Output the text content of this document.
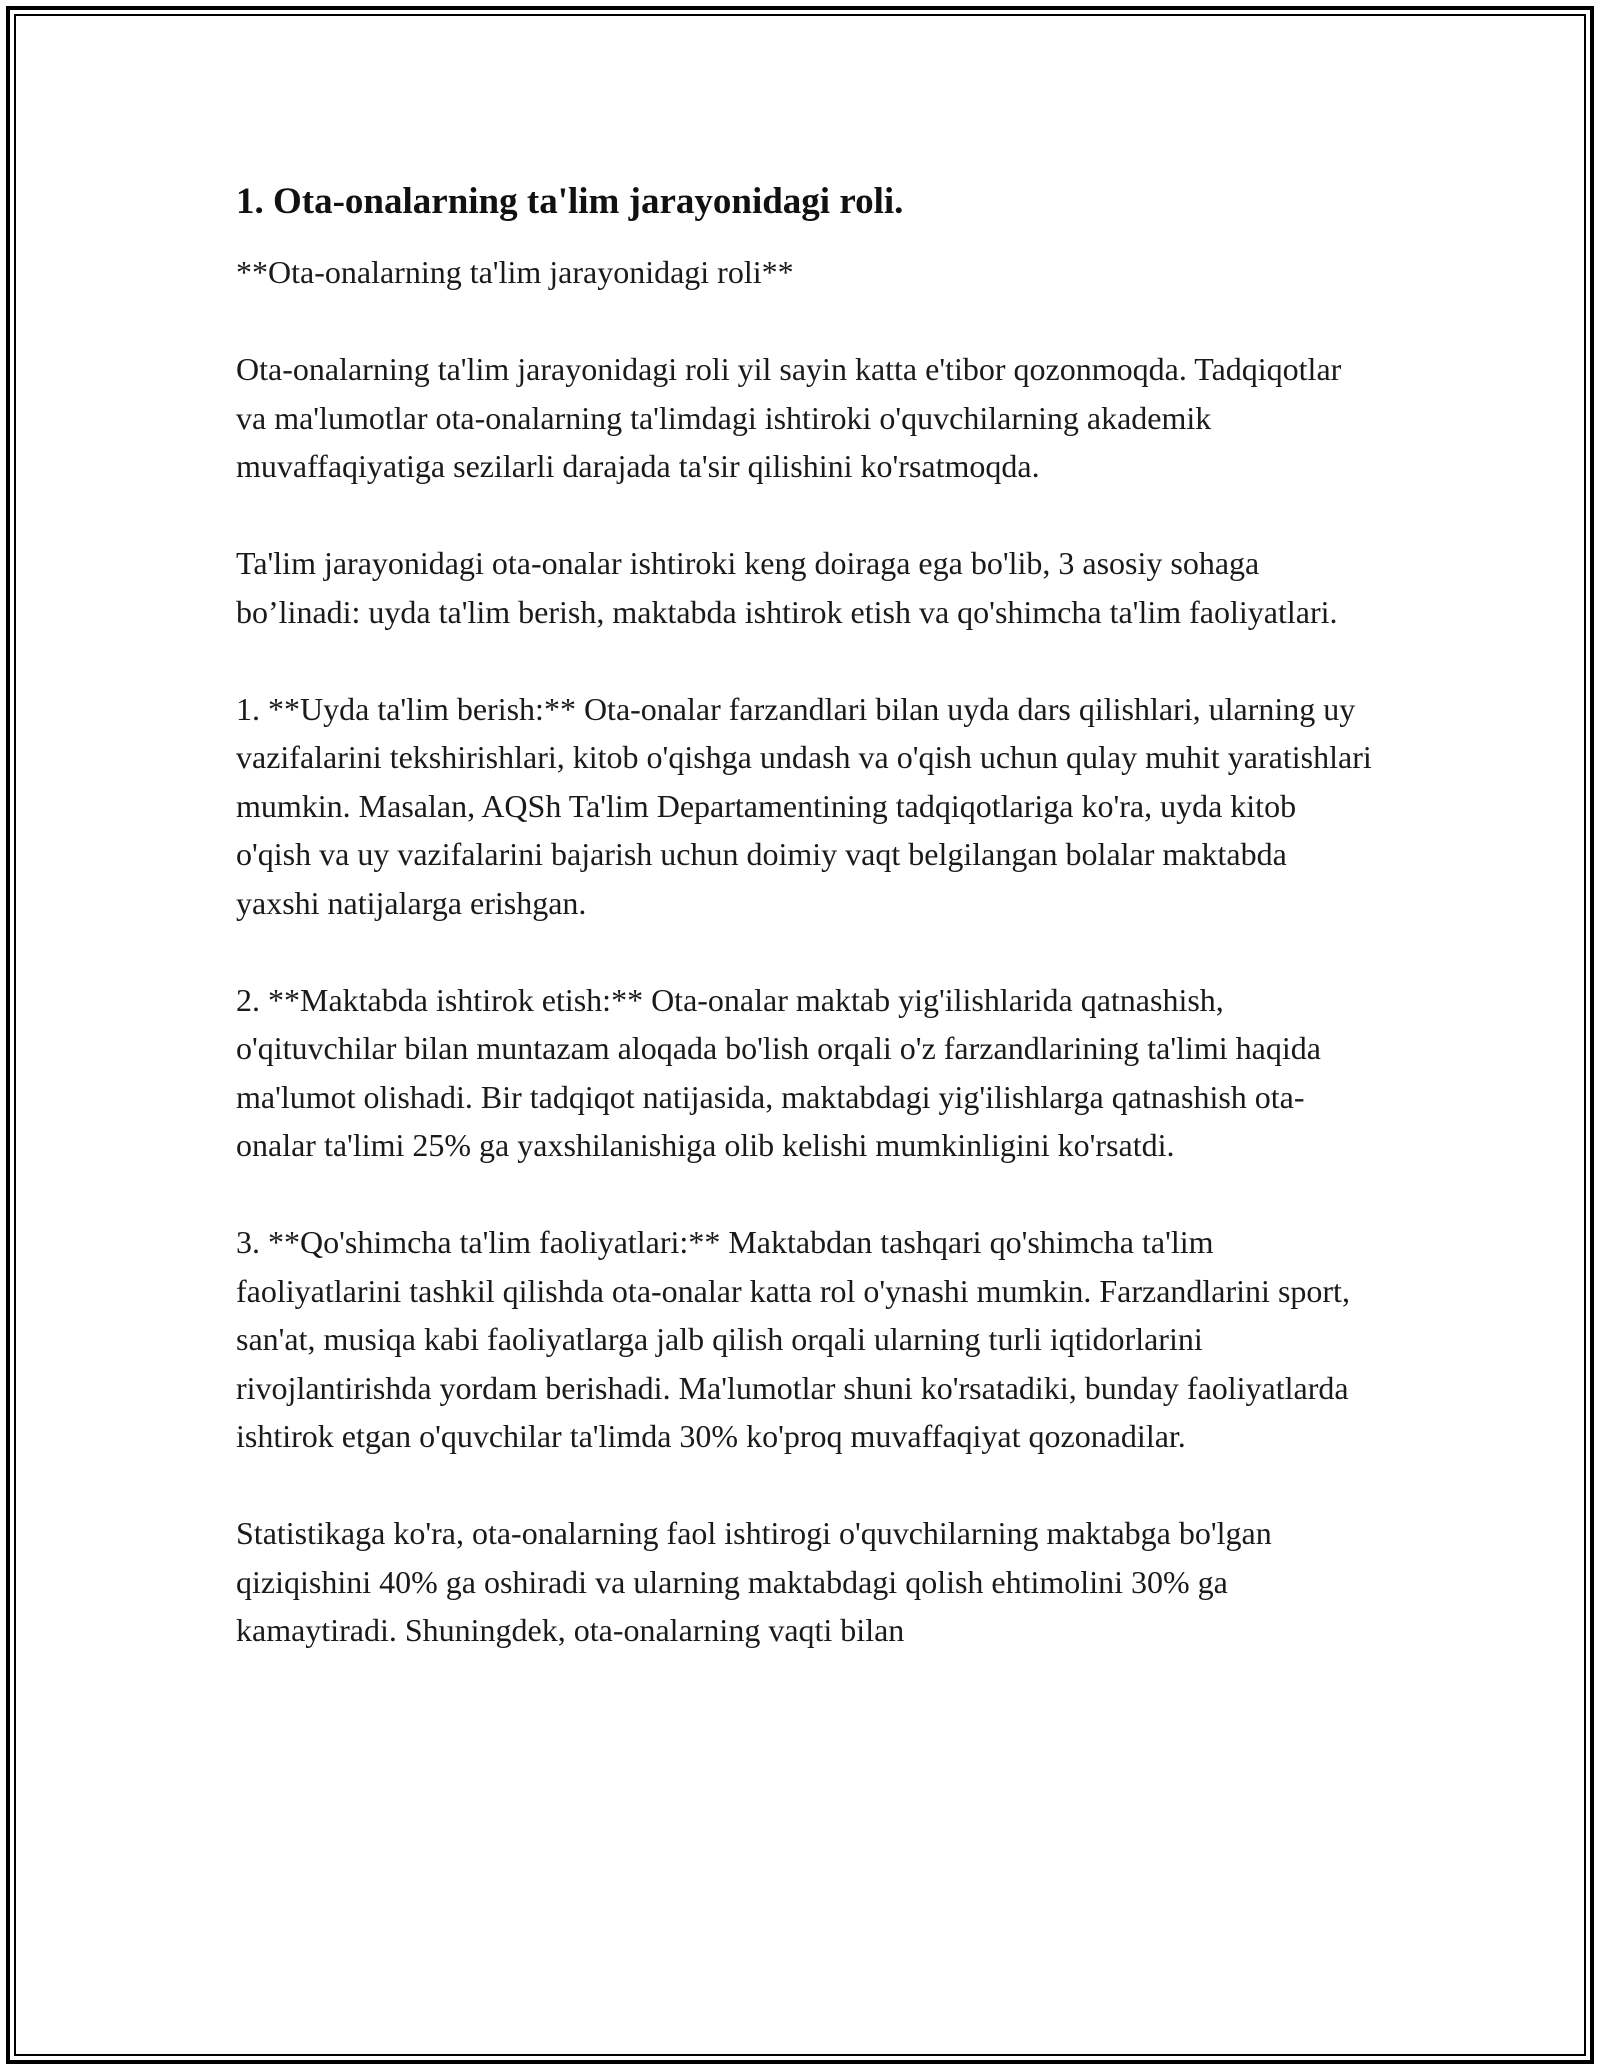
1. Ota-onalarning ta'lim jarayonidagi roli.

**Ota-onalarning ta'lim jarayonidagi roli**

Ota-onalarning ta'lim jarayonidagi roli yil sayin katta e'tibor qozonmoqda. Tadqiqotlar va ma'lumotlar ota-onalarning ta'limdagi ishtiroki o'quvchilarning akademik muvaffaqiyatiga sezilarli darajada ta'sir qilishini ko'rsatmoqda.

Ta'lim jarayonidagi ota-onalar ishtiroki keng doiraga ega bo'lib, 3 asosiy sohaga bo’linadi: uyda ta'lim berish, maktabda ishtirok etish va qo'shimcha ta'lim faoliyatlari.

1. **Uyda ta'lim berish:** Ota-onalar farzandlari bilan uyda dars qilishlari, ularning uy vazifalarini tekshirishlari, kitob o'qishga undash va o'qish uchun qulay muhit yaratishlari mumkin. Masalan, AQSh Ta'lim Departamentining tadqiqotlariga ko'ra, uyda kitob o'qish va uy vazifalarini bajarish uchun doimiy vaqt belgilangan bolalar maktabda yaxshi natijalarga erishgan.

2. **Maktabda ishtirok etish:** Ota-onalar maktab yig'ilishlarida qatnashish, o'qituvchilar bilan muntazam aloqada bo'lish orqali o'z farzandlarining ta'limi haqida ma'lumot olishadi. Bir tadqiqot natijasida, maktabdagi yig'ilishlarga qatnashish ota-onalar ta'limi 25% ga yaxshilanishiga olib kelishi mumkinligini ko'rsatdi.

3. **Qo'shimcha ta'lim faoliyatlari:** Maktabdan tashqari qo'shimcha ta'lim faoliyatlarini tashkil qilishda ota-onalar katta rol o'ynashi mumkin. Farzandlarini sport, san'at, musiqa kabi faoliyatlarga jalb qilish orqali ularning turli iqtidorlarini rivojlantirishda yordam berishadi. Ma'lumotlar shuni ko'rsatadiki, bunday faoliyatlarda ishtirok etgan o'quvchilar ta'limda 30% ko'proq muvaffaqiyat qozonadilar.

Statistikaga ko'ra, ota-onalarning faol ishtirogi o'quvchilarning maktabga bo'lgan qiziqishini 40% ga oshiradi va ularning maktabdagi qolish ehtimolini 30% ga kamaytiradi. Shuningdek, ota-onalarning vaqti bilan
